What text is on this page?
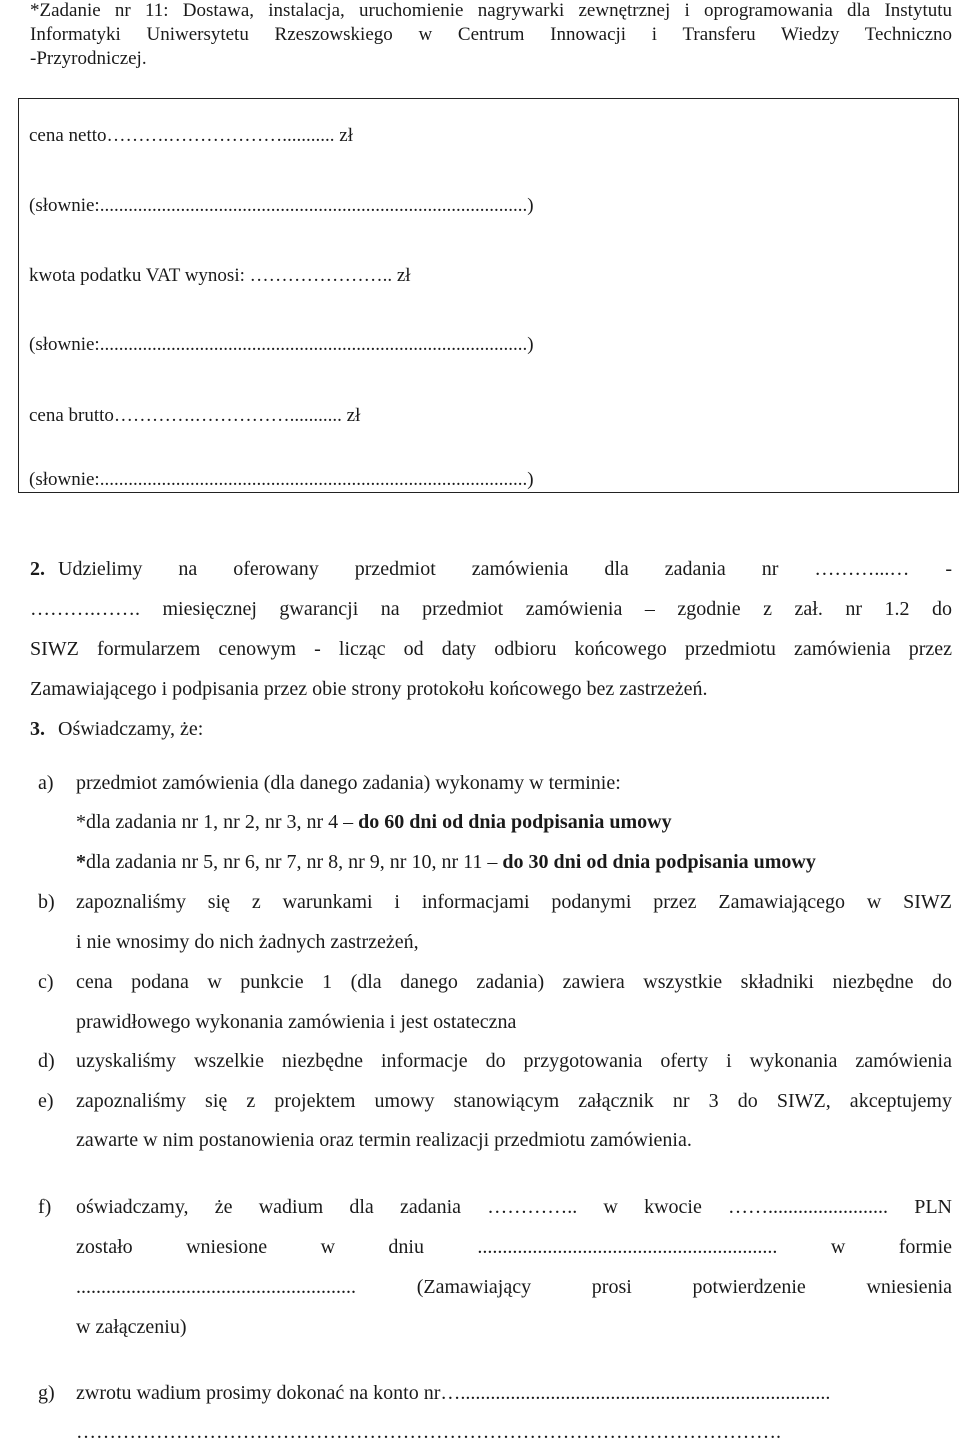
*Zadanie nr 11: Dostawa, instalacja, uruchomienie nagrywarki zewnętrznej i oprogramowania dla Instytutu
Informatyki Uniwersytetu Rzeszowskiego w Centrum Innowacji i Transferu Wiedzy Techniczno
-Przyrodniczej.
cena netto……….………………........... zł
(słownie:..........................................................................................)
kwota podatku VAT wynosi: ………………….. zł
(słownie:..........................................................................................)
cena brutto………….……………........... zł
(słownie:..........................................................................................)
2. Udzielimy na oferowany przedmiot zamówienia dla zadania nr ………...… -
……….……. miesięcznej gwarancji na przedmiot zamówienia – zgodnie z zał. nr 1.2 do
SIWZ formularzem cenowym - licząc od daty odbioru końcowego przedmiotu zamówienia przez
Zamawiającego i podpisania przez obie strony protokołu końcowego bez zastrzeżeń.
3. Oświadczamy, że:
a) przedmiot zamówienia (dla danego zadania) wykonamy w terminie:
*dla zadania nr 1, nr 2, nr 3, nr 4 – do 60 dni od dnia podpisania umowy
*dla zadania nr 5, nr 6, nr 7, nr 8, nr 9, nr 10, nr 11 – do 30 dni od dnia podpisania umowy
b) zapoznaliśmy się z warunkami i informacjami podanymi przez Zamawiającego w SIWZ
i nie wnosimy do nich żadnych zastrzeżeń,
c) cena podana w punkcie 1 (dla danego zadania) zawiera wszystkie składniki niezbędne do
prawidłowego wykonania zamówienia i jest ostateczna
d) uzyskaliśmy wszelkie niezbędne informacje do przygotowania oferty i wykonania zamówienia
e) zapoznaliśmy się z projektem umowy stanowiącym załącznik nr 3 do SIWZ, akceptujemy
zawarte w nim postanowienia oraz termin realizacji przedmiotu zamówienia.
f) oświadczamy, że wadium dla zadania ………….. w kwocie ……........................ PLN
zostało wniesione w dniu ............................................................ w formie
........................................................ (Zamawiający prosi potwierdzenie wniesienia
w załączeniu)
g) zwrotu wadium prosimy dokonać na konto nr…..........................................................................
…………………………………………………………………………………………….
